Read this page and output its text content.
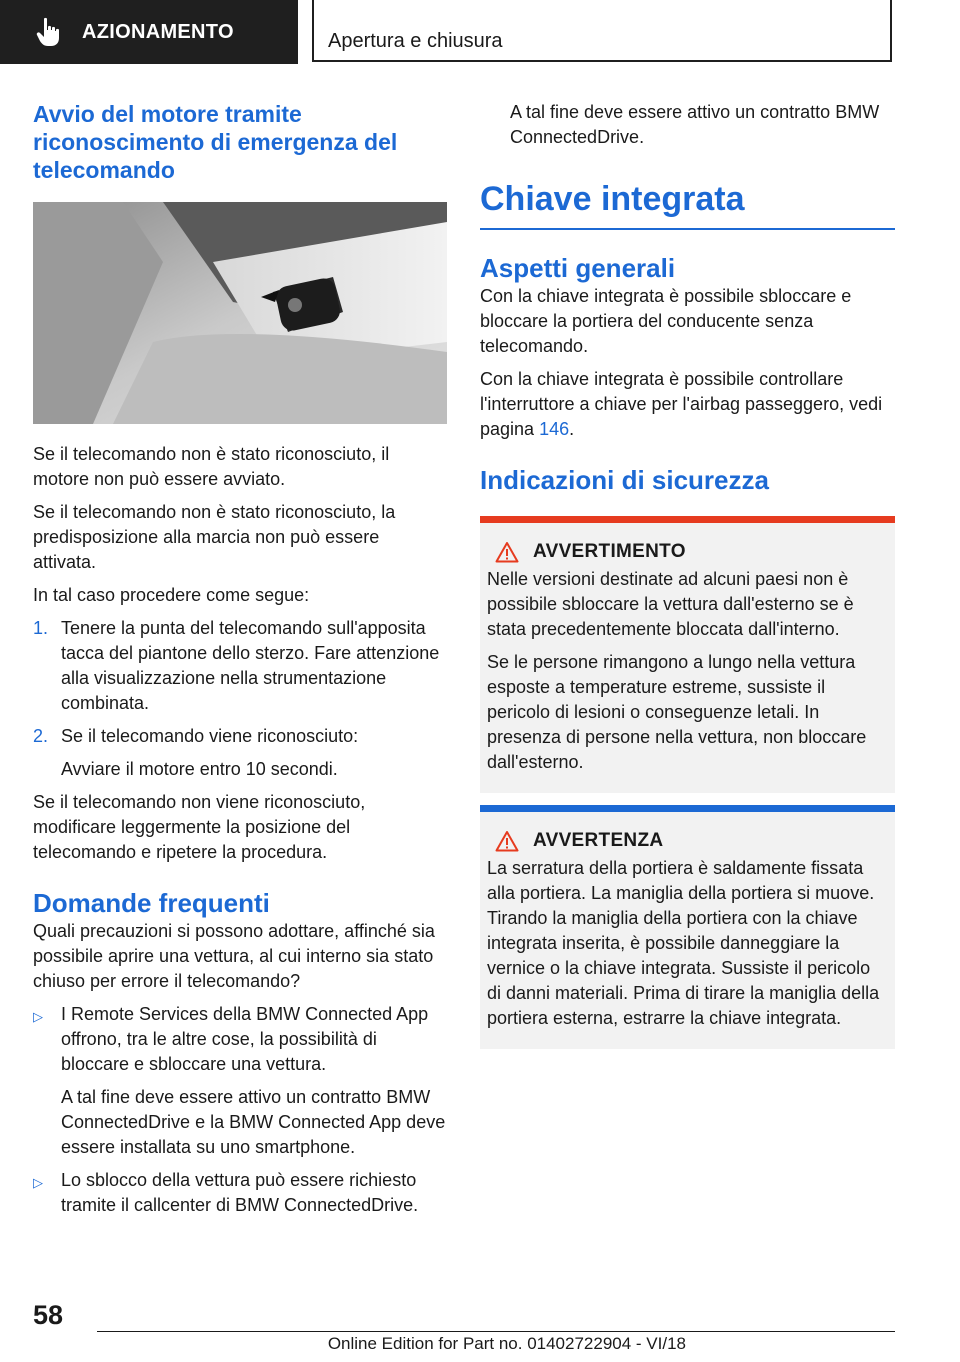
AZIONAMENTO	Apertura e chiusura
Avvio del motore tramite riconoscimento di emergenza del telecomando

Se il telecomando non è stato riconosciuto, il motore non può essere avviato.

Se il telecomando non è stato riconosciuto, la predisposizione alla marcia non può essere attivata.

In tal caso procedere come segue:

1. Tenere la punta del telecomando sull'apposita tacca del piantone dello sterzo. Fare attenzione alla visualizzazione nella strumentazione combinata.
2. Se il telecomando viene riconosciuto:
Avviare il motore entro 10 secondi.

Se il telecomando non viene riconosciuto, modificare leggermente la posizione del telecomando e ripetere la procedura.

Domande frequenti

Quali precauzioni si possono adottare, affinché sia possibile aprire una vettura, al cui interno sia stato chiuso per errore il telecomando?

▷ I Remote Services della BMW Connected App offrono, tra le altre cose, la possibilità di bloccare e sbloccare una vettura.
A tal fine deve essere attivo un contratto BMW ConnectedDrive e la BMW Connected App deve essere installata su uno smartphone.
▷ Lo sblocco della vettura può essere richiesto tramite il callcenter di BMW ConnectedDrive.

A tal fine deve essere attivo un contratto BMW ConnectedDrive.

Chiave integrata
Aspetti generali

Con la chiave integrata è possibile sbloccare e bloccare la portiera del conducente senza telecomando.

Con la chiave integrata è possibile controllare l'interruttore a chiave per l'airbag passeggero, vedi pagina 146.

Indicazioni di sicurezza
AVVERTIMENTO

Nelle versioni destinate ad alcuni paesi non è possibile sbloccare la vettura dall'esterno se è stata precedentemente bloccata dall'interno.

Se le persone rimangono a lungo nella vettura esposte a temperature estreme, sussiste il pericolo di lesioni o conseguenze letali. In presenza di persone nella vettura, non bloccare dall'esterno.

AVVERTENZA

La serratura della portiera è saldamente fissata alla portiera. La maniglia della portiera si muove. Tirando la maniglia della portiera con la chiave integrata inserita, è possibile danneggiare la vernice o la chiave integrata. Sussiste il pericolo di danni materiali. Prima di tirare la maniglia della portiera esterna, estrarre la chiave integrata.

58
Online Edition for Part no. 01402722904 - VI/18
